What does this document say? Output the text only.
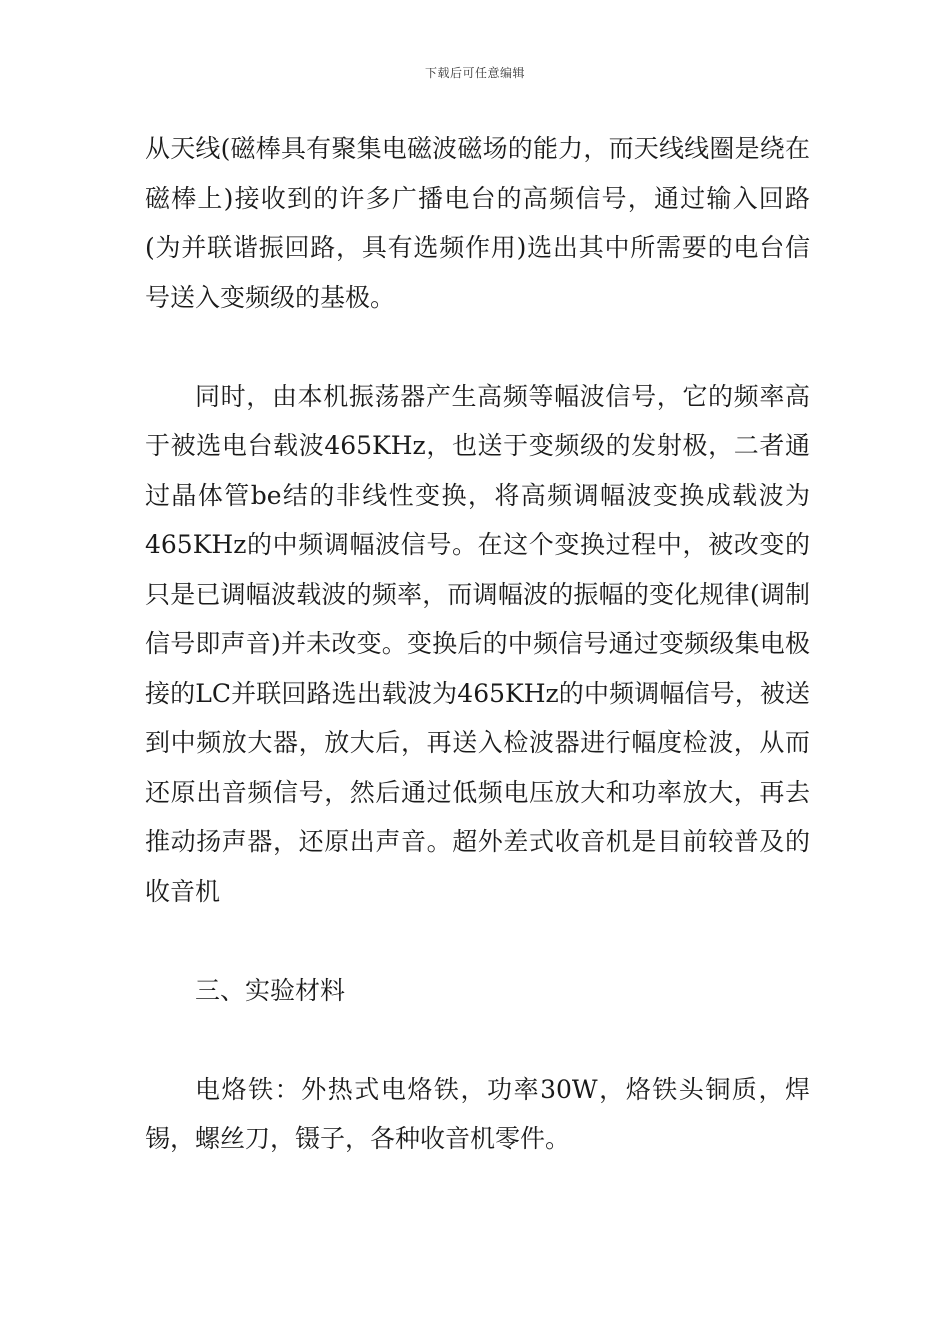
下载后可任意编辑

从天线(磁棒具有聚集电磁波磁场的能力，而天线线圈是绕在磁棒上)接收到的许多广播电台的高频信号，通过输入回路(为并联谐振回路，具有选频作用)选出其中所需要的电台信号送入变频级的基极。

同时，由本机振荡器产生高频等幅波信号，它的频率高于被选电台载波465KHz，也送于变频级的发射极，二者通过晶体管be结的非线性变换，将高频调幅波变换成载波为465KHz的中频调幅波信号。在这个变换过程中，被改变的只是已调幅波载波的频率，而调幅波的振幅的变化规律(调制信号即声音)并未改变。变换后的中频信号通过变频级集电极接的LC并联回路选出载波为465KHz的中频调幅信号，被送到中频放大器，放大后，再送入检波器进行幅度检波，从而还原出音频信号，然后通过低频电压放大和功率放大，再去推动扬声器，还原出声音。超外差式收音机是目前较普及的收音机

三、实验材料

电烙铁：外热式电烙铁，功率30W，烙铁头铜质，焊锡，螺丝刀，镊子，各种收音机零件。
